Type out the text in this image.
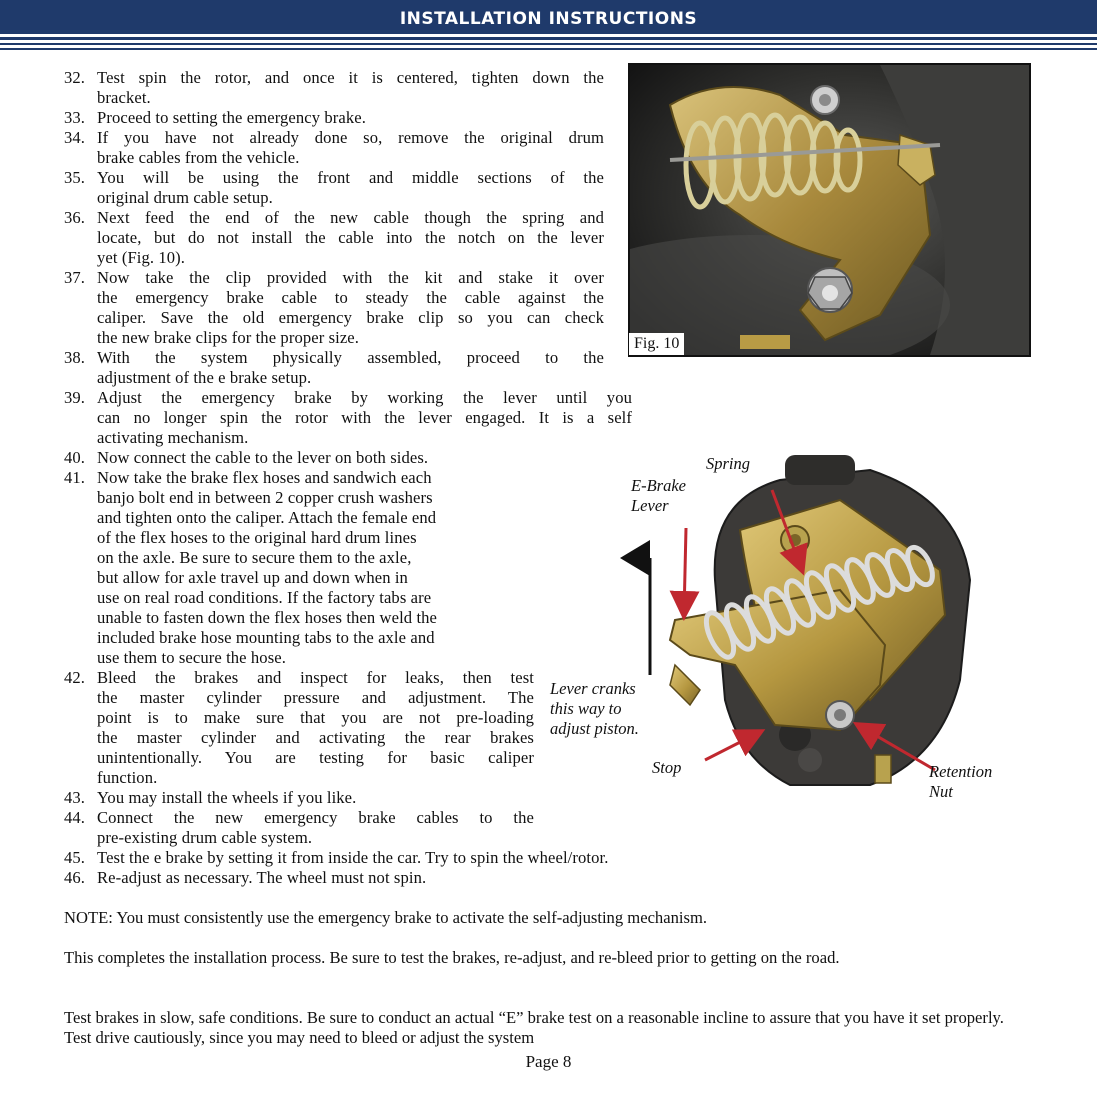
INSTALLATION INSTRUCTIONS
32. Test spin the rotor, and once it is centered, tighten down the
bracket.
33. Proceed to setting the emergency brake.
34. If you have not already done so, remove the original drum
brake cables from the vehicle.
35. You will be using the front and middle sections of the
original drum cable setup.
36. Next feed the end of the new cable though the spring and
locate, but do not install the cable into the notch on the lever
yet (Fig. 10).
37. Now take the clip provided with the kit and stake it over
the emergency brake cable to steady the cable against the
caliper. Save the old emergency brake clip so you can check
the new brake clips for the proper size.
38. With the system physically assembled, proceed to the
adjustment of the e brake setup.
39. Adjust the emergency brake by working the lever until you
can no longer spin the rotor with the lever engaged. It is a self
activating mechanism.
40. Now connect the cable to the lever on both sides.
41. Now take the brake flex hoses and sandwich each
banjo bolt end in between 2 copper crush washers
and tighten onto the caliper. Attach the female end
of the flex hoses to the original hard drum lines
on the axle. Be sure to secure them to the axle,
but allow for axle travel up and down when in
use on real road conditions. If the factory tabs are
unable to fasten down the flex hoses then weld the
included brake hose mounting tabs to the axle and
use them to secure the hose.
42. Bleed the brakes and inspect for leaks, then test
the master cylinder pressure and adjustment. The
point is to make sure that you are not pre-loading
the master cylinder and activating the rear brakes
unintentionally. You are testing for basic caliper
function.
43. You may install the wheels if you like.
44. Connect the new emergency brake cables to the
pre-existing drum cable system.
45. Test the e brake by setting it from inside the car. Try to spin the wheel/rotor.
46. Re-adjust as necessary. The wheel must not spin.
NOTE: You must consistently use the emergency brake to activate the self-adjusting mechanism.
This completes the installation process. Be sure to test the brakes, re-adjust, and re-bleed prior to getting on the road.
Test brakes in slow, safe conditions. Be sure to conduct an actual “E” brake test on a reasonable incline to assure that you have it set properly. Test drive cautiously, since you may need to bleed or adjust the system
Page 8
Fig. 10
Spring
E-Brake
Lever
Lever cranks
this way to
adjust piston.
Stop	Retention
Nut
